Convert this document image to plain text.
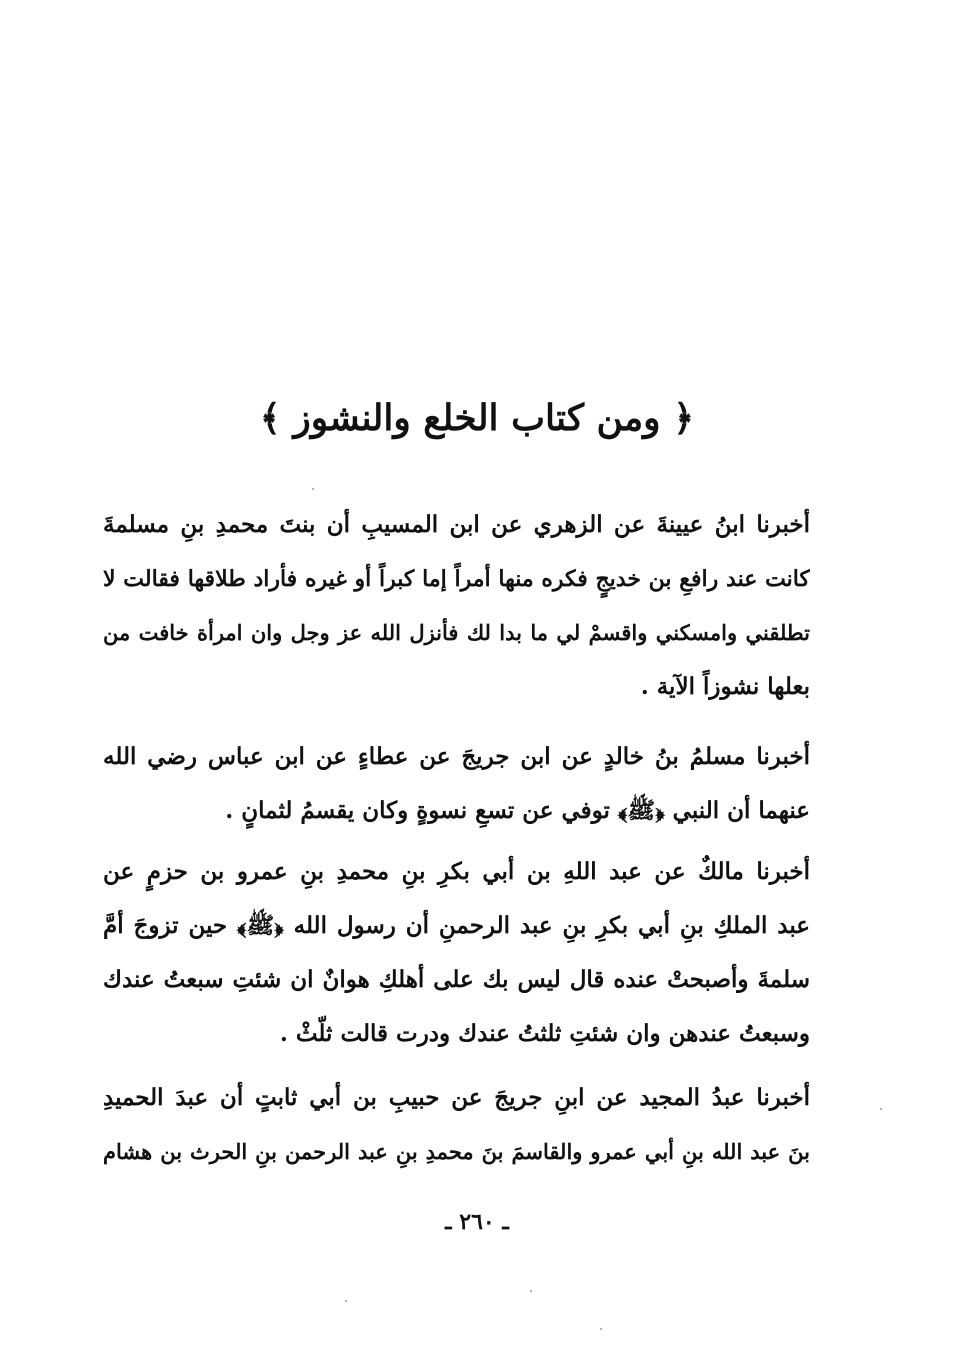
﴿ ومن كتاب الخلع والنشوز ﴾
أخبرنا ابنُ عيينةَ عن الزهري عن ابن المسيبِ أن بنتَ محمدِ بنِ مسلمةَ
كانت عند رافعِ بن خديجٍ فكره منها أمراً إما كبراً أو غيره فأراد طلاقها فقالت لا
تطلقني وامسكني واقسمْ لي ما بدا لك فأنزل الله عز وجل وان امرأة خافت من
بعلها نشوزاً الآية .
أخبرنا مسلمُ بنُ خالدٍ عن ابن جريجَ عن عطاءٍ عن ابن عباس رضي الله
عنهما أن النبي ﴿ﷺ﴾ توفي عن تسعِ نسوةٍ وكان يقسمُ لثمانٍ .
أخبرنا مالكٌ عن عبد اللهِ بن أبي بكرِ بنِ محمدِ بنِ عمرو بن حزمٍ عن
عبد الملكِ بنِ أبي بكرِ بنِ عبد الرحمنِ أن رسول الله ﴿ﷺ﴾ حين تزوجَ أمَّ
سلمةَ وأصبحتْ عنده قال ليس بك على أهلكِ هوانٌ ان شئتِ سبعتُ عندك
وسبعتُ عندهن وان شئتِ ثلثتُ عندك ودرت قالت ثلّثْ .
أخبرنا عبدُ المجيد عن ابنِ جريجَ عن حبيبِ بن أبي ثابتٍ أن عبدَ الحميدِ
بنَ عبد الله بنِ أبي عمرو والقاسمَ بنَ محمدِ بنِ عبد الرحمن بنِ الحرث بن هشام
ـ ٢٦٠ ـ
